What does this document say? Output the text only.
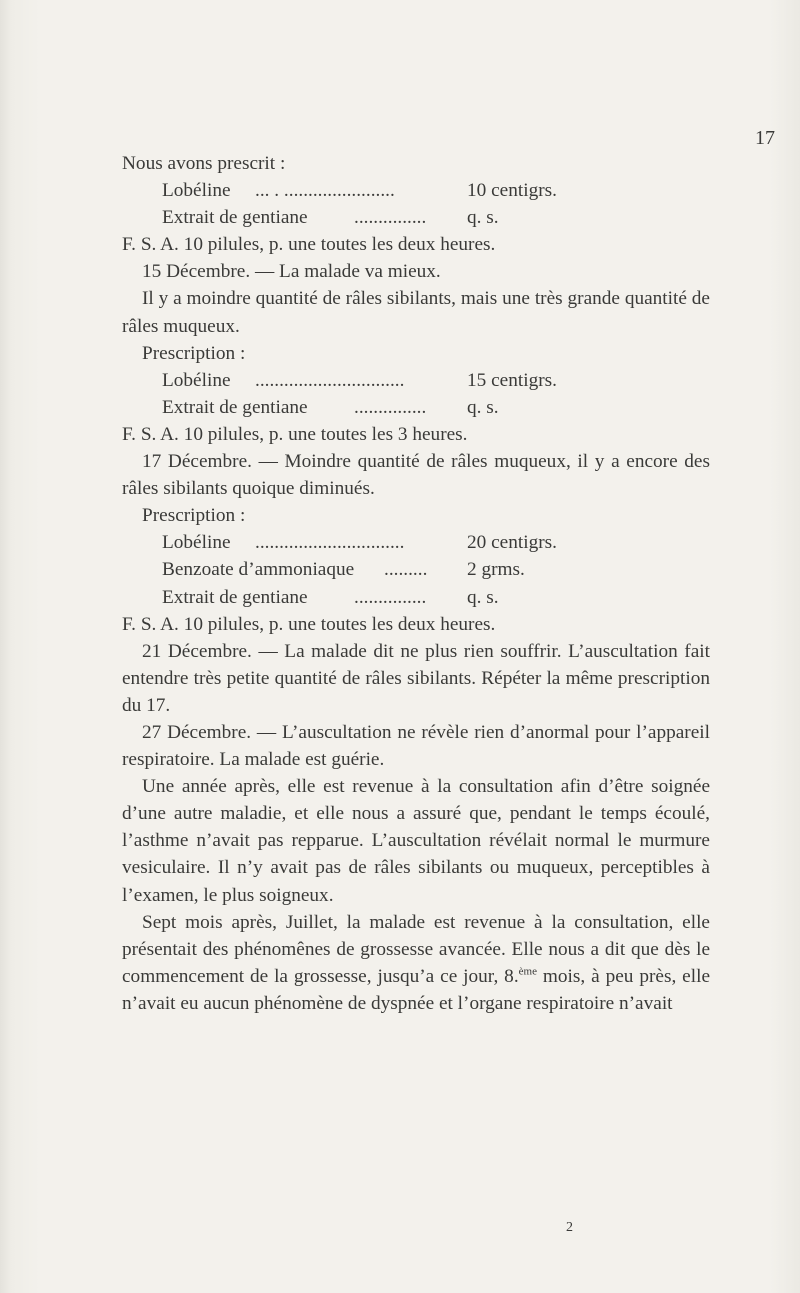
17

Nous avons prescrit :

Lobéline ... . .......................	10 centigrs.
Extrait de gentiane ...............	q. s.

F. S. A. 10 pilules, p. une toutes les deux heures.

15 Décembre. — La malade va mieux.

Il y a moindre quantité de râles sibilants, mais une très grande quantité de râles muqueux.

Prescription :

Lobéline ...............................	15 centigrs.
Extrait de gentiane ...............	q. s.

F. S. A. 10 pilules, p. une toutes les 3 heures.

17 Décembre. — Moindre quantité de râles muqueux, il y a encore des râles sibilants quoique diminués.

Prescription :

Lobéline ...............................	20 centigrs.
Benzoate d’ammoniaque .........	2 grms.
Extrait de gentiane ...............	q. s.

F. S. A. 10 pilules, p. une toutes les deux heures.

21 Décembre. — La malade dit ne plus rien souffrir. L’auscultation fait entendre très petite quantité de râles sibilants. Répéter la même prescription du 17.

27 Décembre. — L’auscultation ne révèle rien d’anormal pour l’appareil respiratoire. La malade est guérie.

Une année après, elle est revenue à la consultation afin d’être soignée d’une autre maladie, et elle nous a assuré que, pendant le temps écoulé, l’asthme n’avait pas repparue. L’auscultation révélait normal le murmure vesiculaire. Il n’y avait pas de râles sibilants ou muqueux, perceptibles à l’examen, le plus soigneux.

Sept mois après, Juillet, la malade est revenue à la consultation, elle présentait des phénomênes de grossesse avancée. Elle nous a dit que dès le commencement de la grossesse, jusqu’a ce jour, 8.$^{ème}$ mois, à peu près, elle n’avait eu aucun phénomène de dyspnée et l’organe respiratoire n’avait

2
